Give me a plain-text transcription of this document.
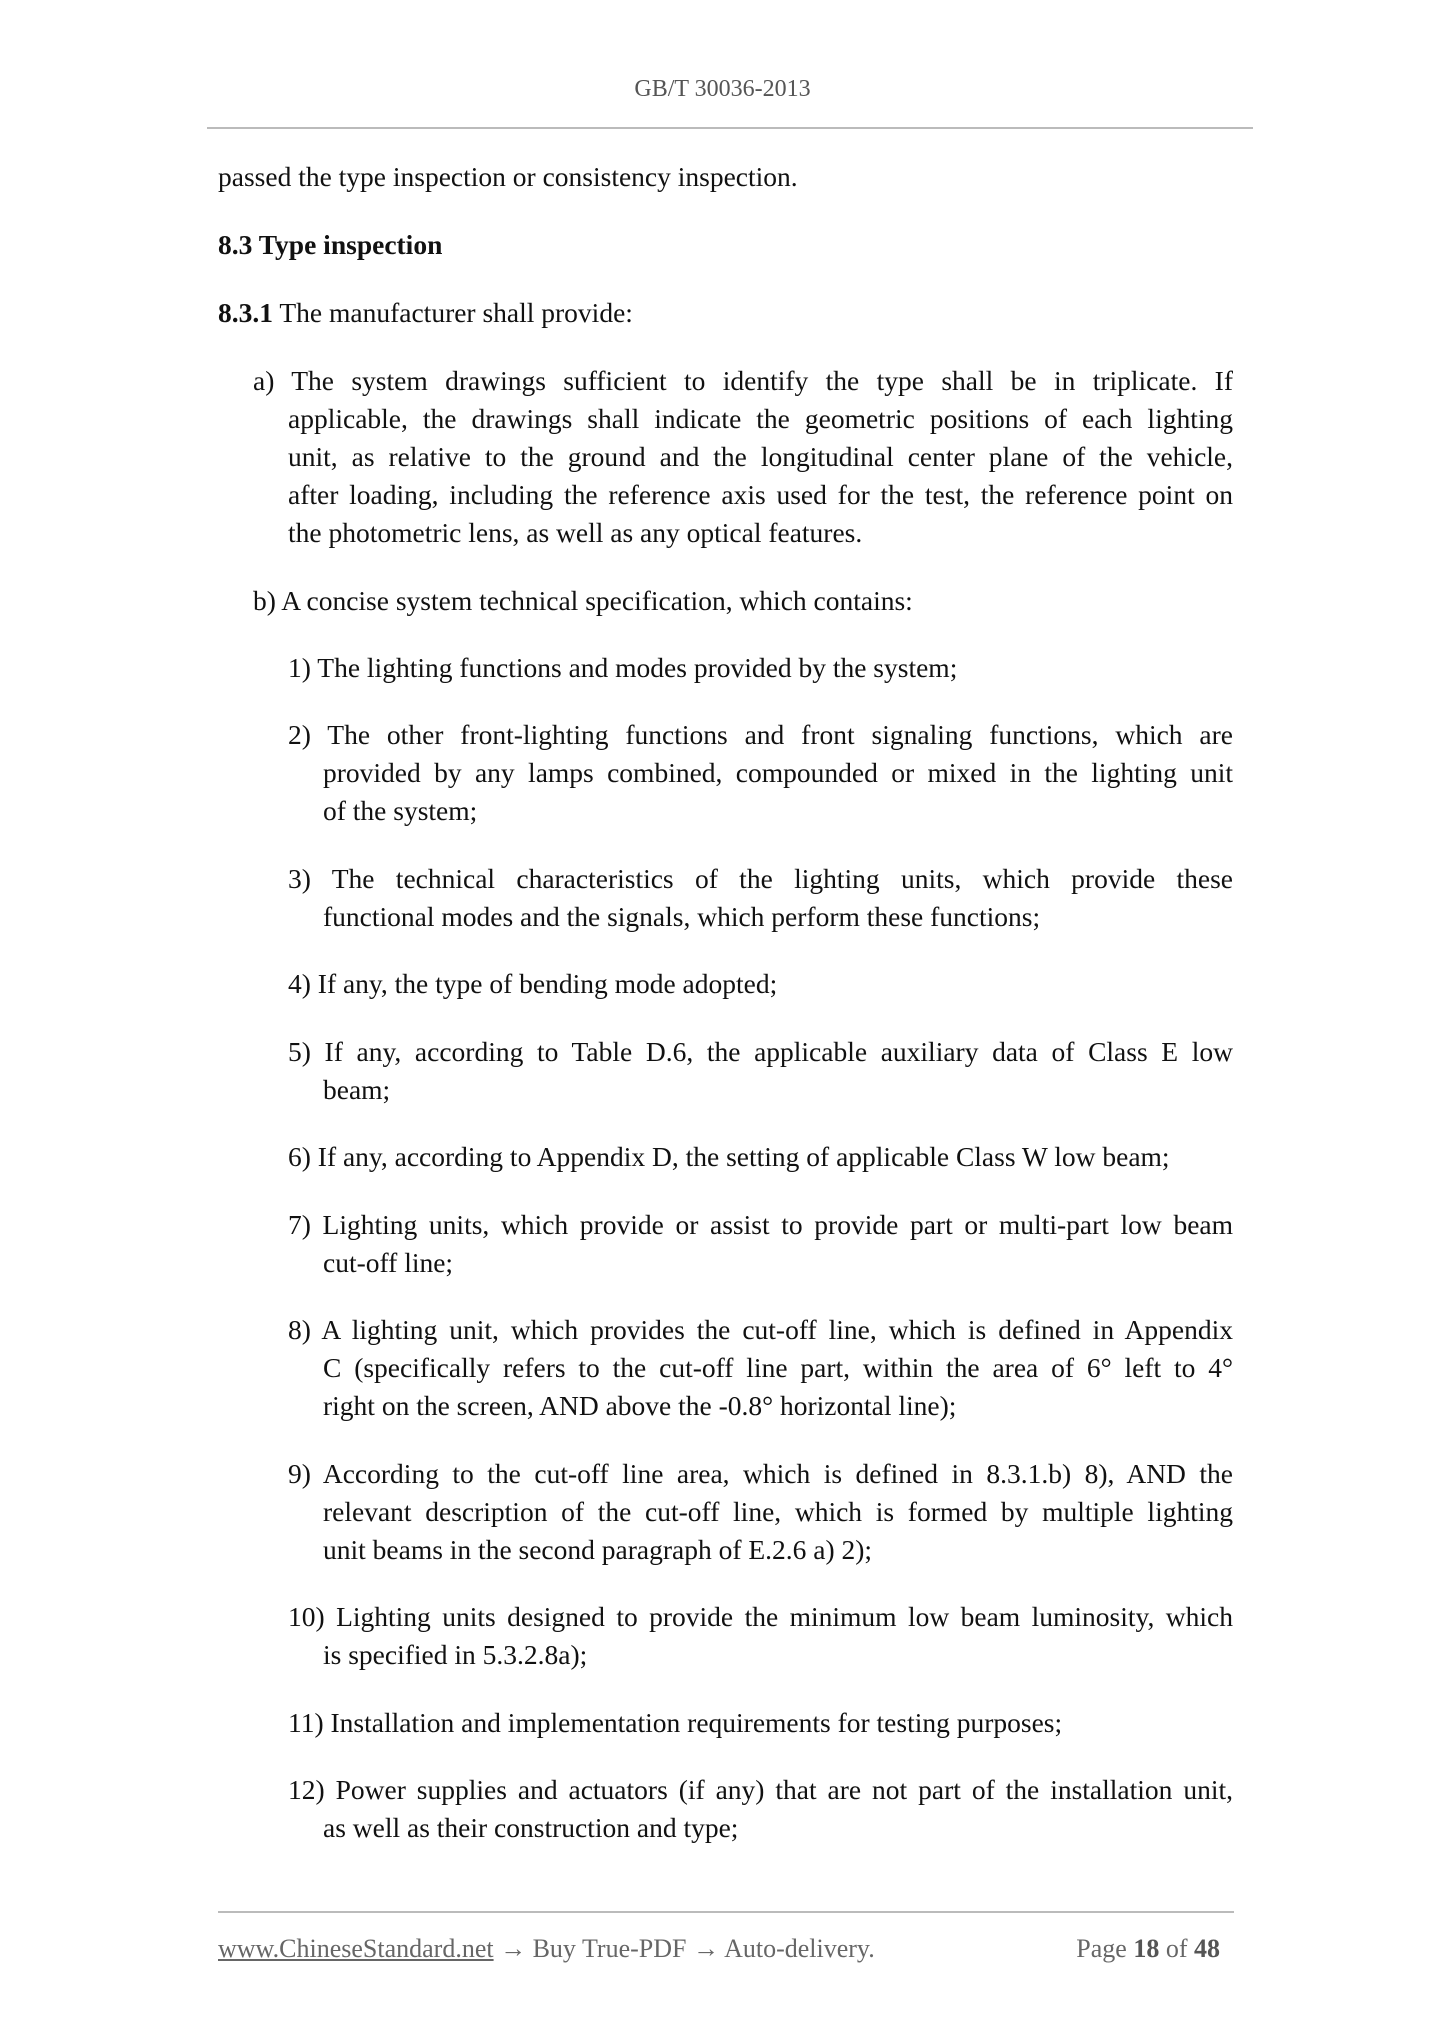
GB/T 30036-2013
passed the type inspection or consistency inspection.
8.3 Type inspection
8.3.1 The manufacturer shall provide:
a) The system drawings sufficient to identify the type shall be in triplicate. If
applicable, the drawings shall indicate the geometric positions of each lighting
unit, as relative to the ground and the longitudinal center plane of the vehicle,
after loading, including the reference axis used for the test, the reference point on
the photometric lens, as well as any optical features.
b) A concise system technical specification, which contains:
1) The lighting functions and modes provided by the system;
2) The other front-lighting functions and front signaling functions, which are
provided by any lamps combined, compounded or mixed in the lighting unit
of the system;
3) The technical characteristics of the lighting units, which provide these
functional modes and the signals, which perform these functions;
4) If any, the type of bending mode adopted;
5) If any, according to Table D.6, the applicable auxiliary data of Class E low
beam;
6) If any, according to Appendix D, the setting of applicable Class W low beam;
7) Lighting units, which provide or assist to provide part or multi-part low beam
cut-off line;
8) A lighting unit, which provides the cut-off line, which is defined in Appendix
C (specifically refers to the cut-off line part, within the area of 6° left to 4°
right on the screen, AND above the -0.8° horizontal line);
9) According to the cut-off line area, which is defined in 8.3.1.b) 8), AND the
relevant description of the cut-off line, which is formed by multiple lighting
unit beams in the second paragraph of E.2.6 a) 2);
10) Lighting units designed to provide the minimum low beam luminosity, which
is specified in 5.3.2.8a);
11) Installation and implementation requirements for testing purposes;
12) Power supplies and actuators (if any) that are not part of the installation unit,
as well as their construction and type;
www.ChineseStandard.net → Buy True-PDF → Auto-delivery.	Page 18 of 48
